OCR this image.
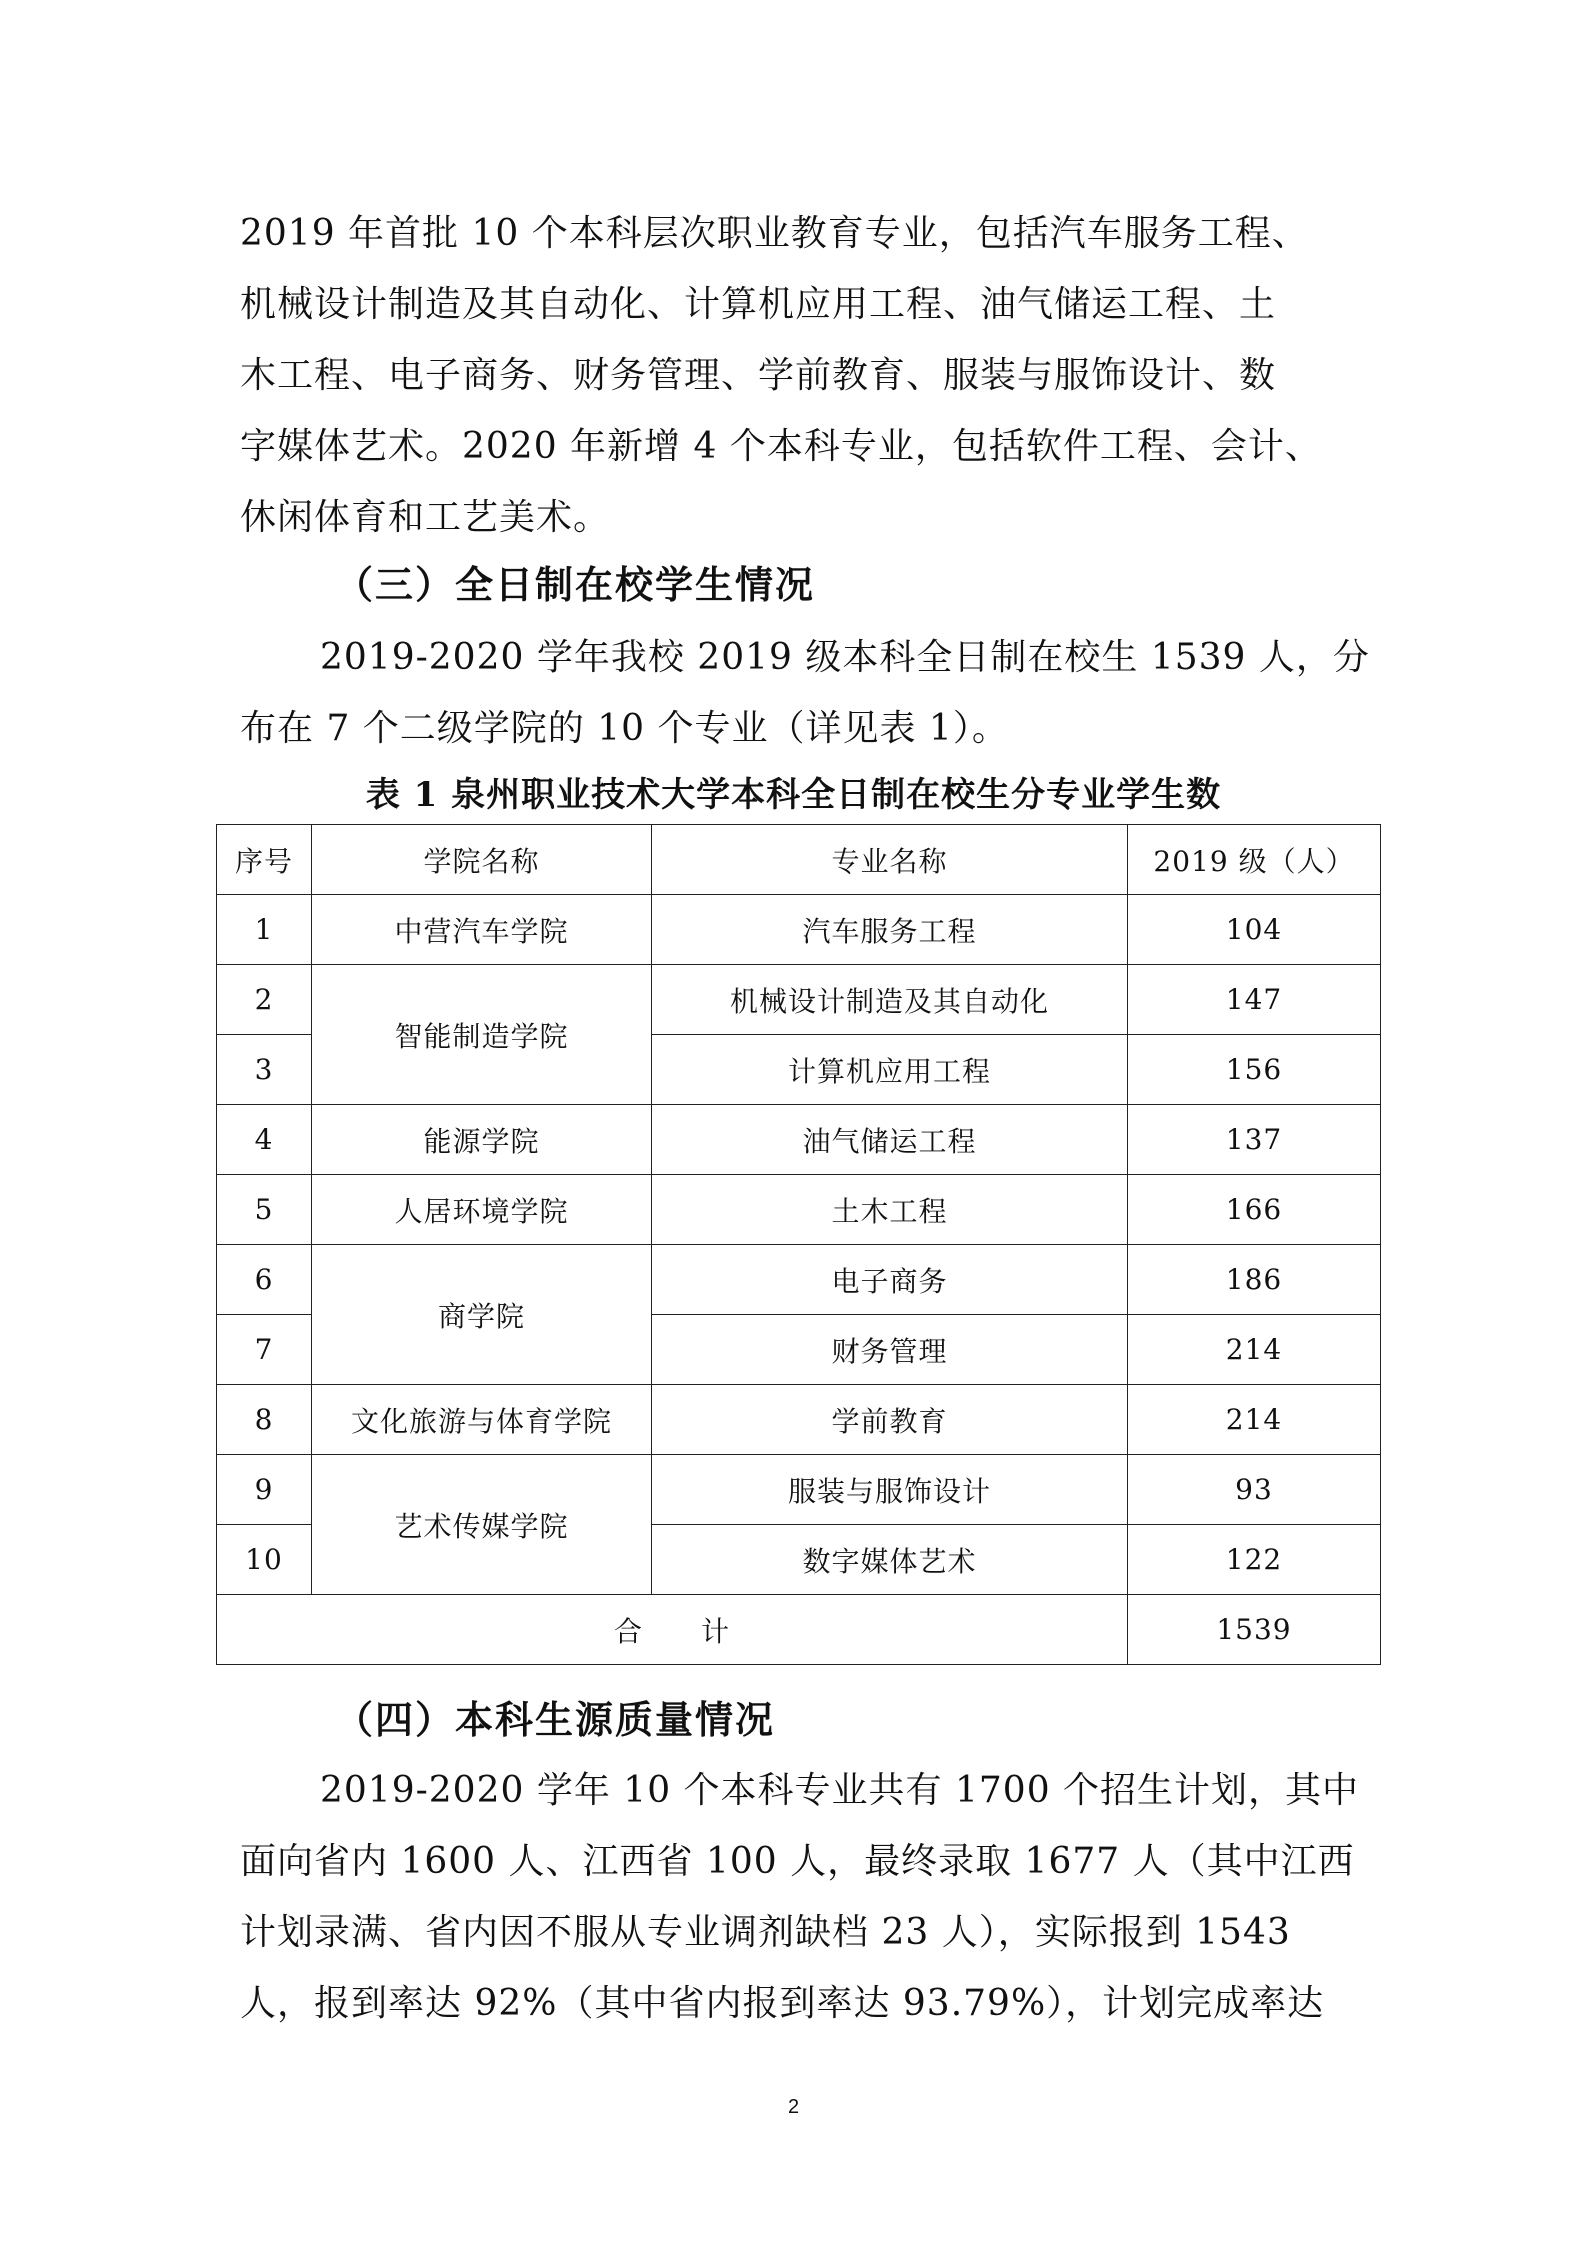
2019 年首批 10 个本科层次职业教育专业，包括汽车服务工程、
机械设计制造及其自动化、计算机应用工程、油气储运工程、土
木工程、电子商务、财务管理、学前教育、服装与服饰设计、数
字媒体艺术。2020 年新增 4 个本科专业，包括软件工程、会计、
休闲体育和工艺美术。
（三）全日制在校学生情况
2019-2020 学年我校 2019 级本科全日制在校生 1539 人，分
布在 7 个二级学院的 10 个专业（详见表 1）。
表 1 泉州职业技术大学本科全日制在校生分专业学生数
序号	学院名称	专业名称	2019 级（人）
1	中营汽车学院	汽车服务工程	104
2	智能制造学院	机械设计制造及其自动化	147
3		计算机应用工程	156
4	能源学院	油气储运工程	137
5	人居环境学院	土木工程	166
6	商学院	电子商务	186
7		财务管理	214
8	文化旅游与体育学院	学前教育	214
9	艺术传媒学院	服装与服饰设计	93
10		数字媒体艺术	122
合　　计			1539
（四）本科生源质量情况
2019-2020 学年 10 个本科专业共有 1700 个招生计划，其中
面向省内 1600 人、江西省 100 人，最终录取 1677 人（其中江西
计划录满、省内因不服从专业调剂缺档 23 人），实际报到 1543
人，报到率达 92%（其中省内报到率达 93.79%），计划完成率达
2
